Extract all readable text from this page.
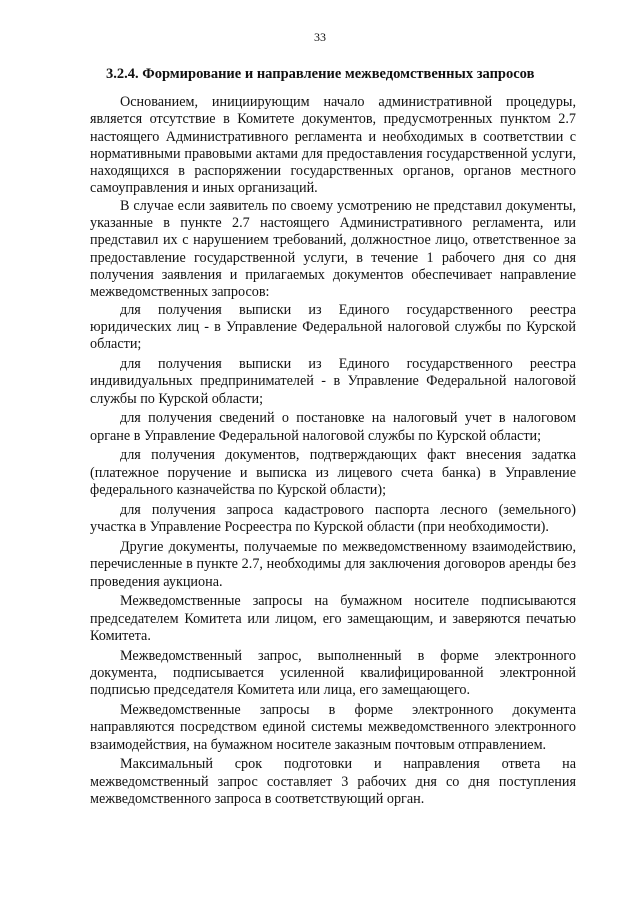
33
3.2.4. Формирование и направление межведомственных запросов

Основанием, инициирующим начало административной процедуры, является отсутствие в Комитете документов, предусмотренных пунктом 2.7 настоящего Административного регламента и необходимых в соответствии с нормативными правовыми актами для предоставления государственной услуги, находящихся в распоряжении государственных органов, органов местного самоуправления и иных организаций.

В случае если заявитель по своему усмотрению не представил документы, указанные в пункте 2.7 настоящего Административного регламента, или представил их с нарушением требований, должностное лицо, ответственное за предоставление государственной услуги, в течение 1 рабочего дня со дня получения заявления и прилагаемых документов обеспечивает направление межведомственных запросов:

для получения выписки из Единого государственного реестра юридических лиц - в Управление Федеральной налоговой службы по Курской области;

для получения выписки из Единого государственного реестра индивидуальных предпринимателей - в Управление Федеральной налоговой службы по Курской области;

для получения сведений о постановке на налоговый учет в налоговом органе в Управление Федеральной налоговой службы по Курской области;

для получения документов, подтверждающих факт внесения задатка (платежное поручение и выписка из лицевого счета банка) в Управление федерального казначейства по Курской области);

для получения запроса кадастрового паспорта лесного (земельного) участка в Управление Росреестра по Курской области (при необходимости).

Другие документы, получаемые по межведомственному взаимодействию, перечисленные в пункте 2.7, необходимы для заключения договоров аренды без проведения аукциона.

Межведомственные запросы на бумажном носителе подписываются председателем Комитета или лицом, его замещающим, и заверяются печатью Комитета.

Межведомственный запрос, выполненный в форме электронного документа, подписывается усиленной квалифицированной электронной подписью председателя Комитета или лица, его замещающего.

Межведомственные запросы в форме электронного документа направляются посредством единой системы межведомственного электронного взаимодействия, на бумажном носителе заказным почтовым отправлением.

Максимальный срок подготовки и направления ответа на межведомственный запрос составляет 3 рабочих дня со дня поступления межведомственного запроса в соответствующий орган.
